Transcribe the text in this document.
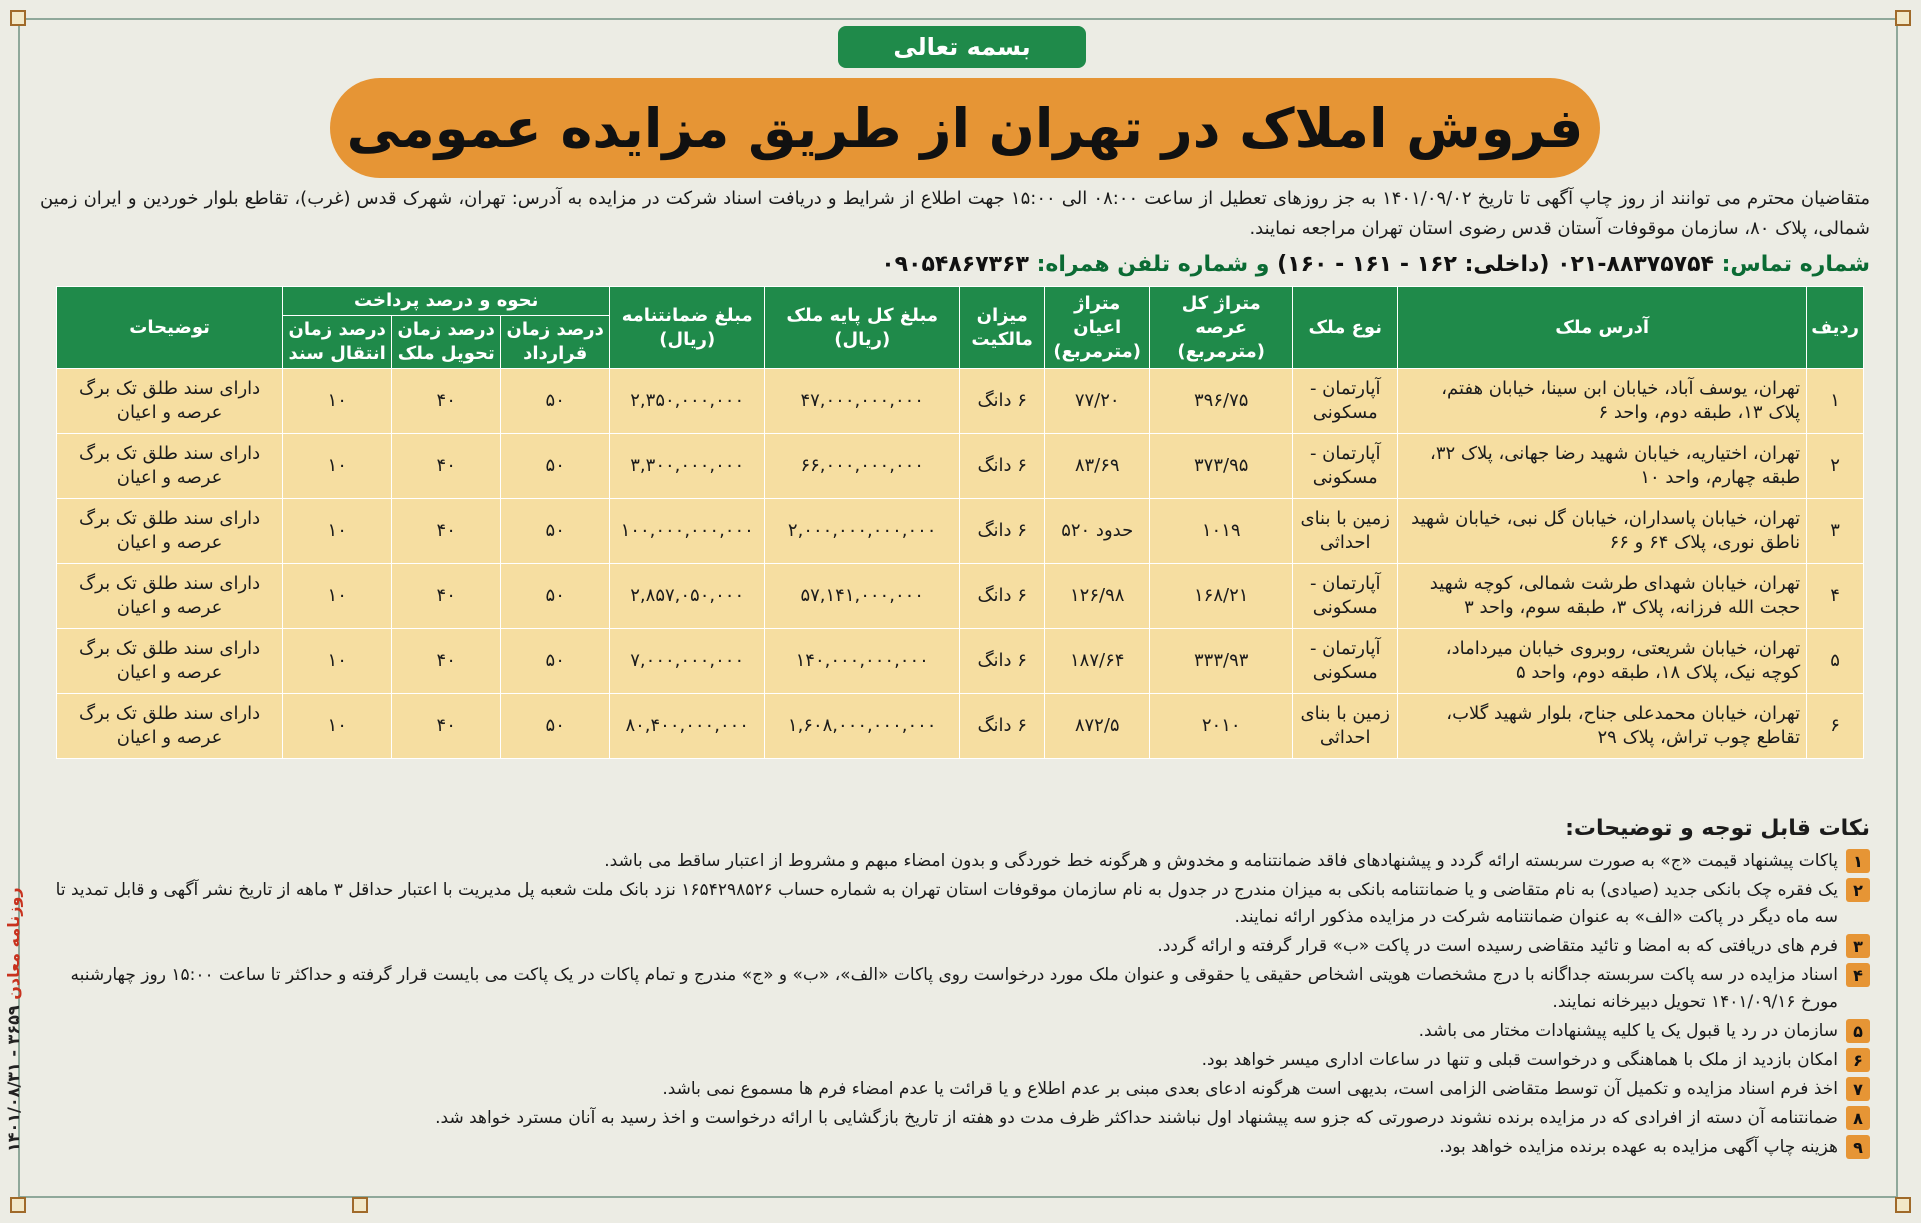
روزنامه معادن ۳۶۵۹ - ۱۴۰۱/۰۸/۳۱
بسمه تعالی
فروش املاک در تهران از طریق مزایده عمومی
متقاضیان محترم می توانند از روز چاپ آگهی تا تاریخ ۱۴۰۱/۰۹/۰۲ به جز روزهای تعطیل از ساعت ۰۸:۰۰ الی ۱۵:۰۰ جهت اطلاع از شرایط و دریافت اسناد شرکت در مزایده به آدرس: تهران، شهرک قدس (غرب)، تقاطع بلوار خوردین و ایران زمین شمالی، پلاک ۸۰، سازمان موقوفات آستان قدس رضوی استان تهران مراجعه نمایند.
شماره تماس: ۸۸۳۷۵۷۵۴-۰۲۱ (داخلی: ۱۶۲ - ۱۶۱ - ۱۶۰) و شماره تلفن همراه: ۰۹۰۵۴۸۶۷۳۶۳
ردیف	آدرس ملک	نوع ملک	متراژ کل عرصه (مترمربع)	متراژ اعیان (مترمربع)	میزان مالکیت	مبلغ کل پایه ملک (ریال)	مبلغ ضمانتنامه (ریال)	نحوه و درصد پرداخت			توضیحات
								درصد زمان قرارداد	درصد زمان تحویل ملک	درصد زمان انتقال سند	
۱	تهران، یوسف آباد، خیابان ابن سینا، خیابان هفتم، پلاک ۱۳، طبقه دوم، واحد ۶	آپارتمان - مسکونی	۳۹۶/۷۵	۷۷/۲۰	۶ دانگ	۴۷,۰۰۰,۰۰۰,۰۰۰	۲,۳۵۰,۰۰۰,۰۰۰	۵۰	۴۰	۱۰	دارای سند طلق تک برگ عرصه و اعیان
۲	تهران، اختیاریه، خیابان شهید رضا جهانی، پلاک ۳۲، طبقه چهارم، واحد ۱۰	آپارتمان - مسکونی	۳۷۳/۹۵	۸۳/۶۹	۶ دانگ	۶۶,۰۰۰,۰۰۰,۰۰۰	۳,۳۰۰,۰۰۰,۰۰۰	۵۰	۴۰	۱۰	دارای سند طلق تک برگ عرصه و اعیان
۳	تهران، خیابان پاسداران، خیابان گل نبی، خیابان شهید ناطق نوری، پلاک ۶۴ و ۶۶	زمین با بنای احداثی	۱۰۱۹	حدود ۵۲۰	۶ دانگ	۲,۰۰۰,۰۰۰,۰۰۰,۰۰۰	۱۰۰,۰۰۰,۰۰۰,۰۰۰	۵۰	۴۰	۱۰	دارای سند طلق تک برگ عرصه و اعیان
۴	تهران، خیابان شهدای طرشت شمالی، کوچه شهید حجت الله فرزانه، پلاک ۳، طبقه سوم، واحد ۳	آپارتمان - مسکونی	۱۶۸/۲۱	۱۲۶/۹۸	۶ دانگ	۵۷,۱۴۱,۰۰۰,۰۰۰	۲,۸۵۷,۰۵۰,۰۰۰	۵۰	۴۰	۱۰	دارای سند طلق تک برگ عرصه و اعیان
۵	تهران، خیابان شریعتی، روبروی خیابان میرداماد، کوچه نیک، پلاک ۱۸، طبقه دوم، واحد ۵	آپارتمان - مسکونی	۳۳۳/۹۳	۱۸۷/۶۴	۶ دانگ	۱۴۰,۰۰۰,۰۰۰,۰۰۰	۷,۰۰۰,۰۰۰,۰۰۰	۵۰	۴۰	۱۰	دارای سند طلق تک برگ عرصه و اعیان
۶	تهران، خیابان محمدعلی جناح، بلوار شهید گلاب، تقاطع چوب تراش، پلاک ۲۹	زمین با بنای احداثی	۲۰۱۰	۸۷۲/۵	۶ دانگ	۱,۶۰۸,۰۰۰,۰۰۰,۰۰۰	۸۰,۴۰۰,۰۰۰,۰۰۰	۵۰	۴۰	۱۰	دارای سند طلق تک برگ عرصه و اعیان
نکات قابل توجه و توضیحات:
۱
پاکات پیشنهاد قیمت «ج» به صورت سربسته ارائه گردد و پیشنهادهای فاقد ضمانتنامه و مخدوش و هرگونه خط خوردگی و بدون امضاء مبهم و مشروط از اعتبار ساقط می باشد.
۲
یک فقره چک بانکی جدید (صیادی) به نام متقاضی و یا ضمانتنامه بانکی به میزان مندرج در جدول به نام سازمان موقوفات استان تهران به شماره حساب ۱۶۵۴۲۹۸۵۲۶ نزد بانک ملت شعبه پل مدیریت با اعتبار حداقل ۳ ماهه از تاریخ نشر آگهی و قابل تمدید تا سه ماه دیگر در پاکت «الف» به عنوان ضمانتنامه شرکت در مزایده مذکور ارائه نمایند.
۳
فرم های دریافتی که به امضا و تائید متقاضی رسیده است در پاکت «ب» قرار گرفته و ارائه گردد.
۴
اسناد مزایده در سه پاکت سربسته جداگانه با درج مشخصات هویتی اشخاص حقیقی یا حقوقی و عنوان ملک مورد درخواست روی پاکات «الف»، «ب» و «ج» مندرج و تمام پاکات در یک پاکت می بایست قرار گرفته و حداکثر تا ساعت ۱۵:۰۰ روز چهارشنبه مورخ ۱۴۰۱/۰۹/۱۶ تحویل دبیرخانه نمایند.
۵
سازمان در رد یا قبول یک یا کلیه پیشنهادات مختار می باشد.
۶
امکان بازدید از ملک با هماهنگی و درخواست قبلی و تنها در ساعات اداری میسر خواهد بود.
۷
اخذ فرم اسناد مزایده و تکمیل آن توسط متقاضی الزامی است، بدیهی است هرگونه ادعای بعدی مبنی بر عدم اطلاع و یا قرائت یا عدم امضاء فرم ها مسموع نمی باشد.
۸
ضمانتنامه آن دسته از افرادی که در مزایده برنده نشوند درصورتی که جزو سه پیشنهاد اول نباشند حداکثر ظرف مدت دو هفته از تاریخ بازگشایی با ارائه درخواست و اخذ رسید به آنان مسترد خواهد شد.
۹
هزینه چاپ آگهی مزایده به عهده برنده مزایده خواهد بود.
